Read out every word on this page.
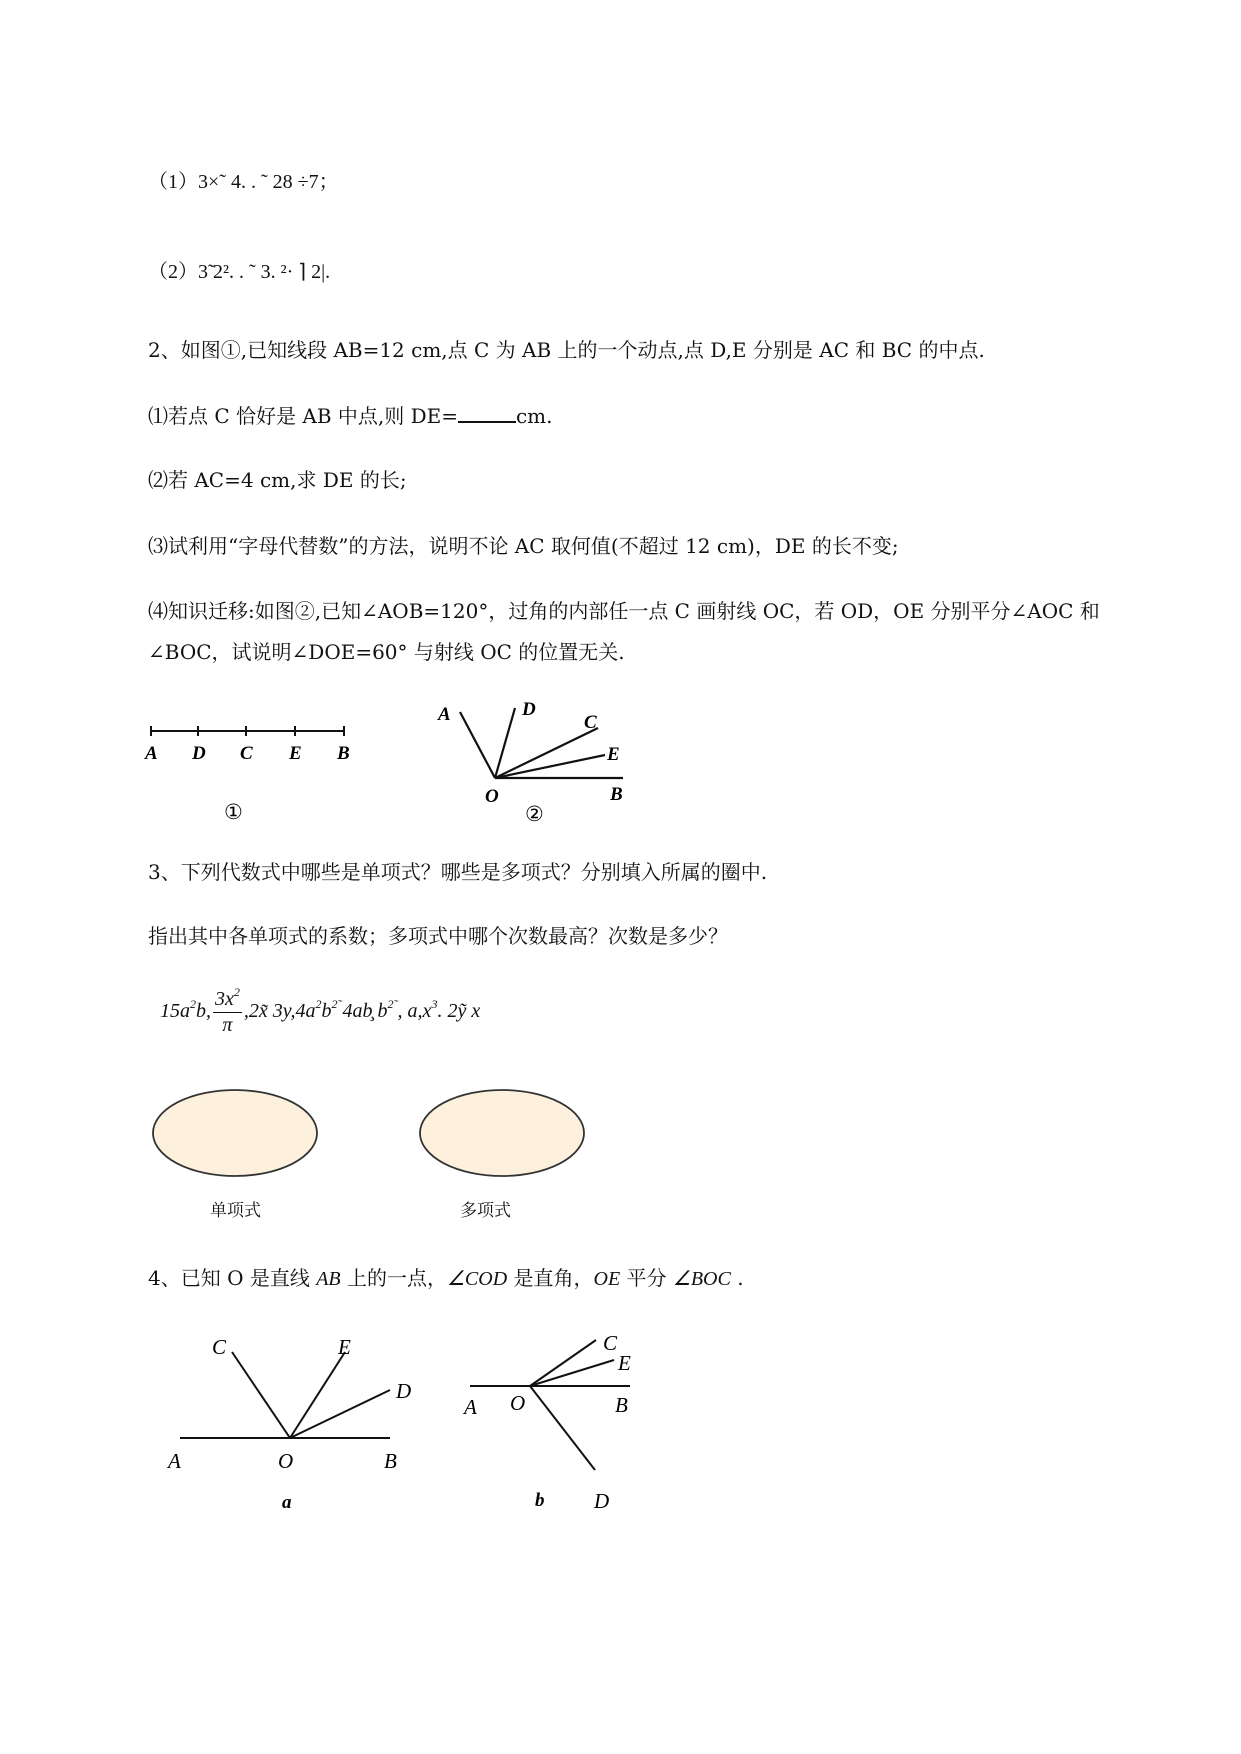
（1）3×˜ 4. . ˜ 28 ÷7；
（2）3̃ 2². . ˜ 3. ²· ⌉ 2|.
2、如图①,已知线段 AB=12 cm,点 C 为 AB 上的一个动点,点 D,E 分别是 AC 和 BC 的中点.
⑴若点 C 恰好是 AB 中点,则 DE=	cm.
⑵若 AC=4 cm,求 DE 的长;
⑶试利用“字母代替数”的方法，说明不论 AC 取何值(不超过 12 cm)，DE 的长不变;
⑷知识迁移:如图②,已知∠AOB=120°，过角的内部任一点 C 画射线 OC，若 OD，OE 分别平分∠AOC 和
∠BOC，试说明∠DOE=60° 与射线 OC 的位置无关.
A D C E B
①
A	D
C
E
O	B
②
3、下列代数式中哪些是单项式？哪些是多项式？分别填入所属的圈中.
指出其中各单项式的系数；多项式中哪个次数最高？次数是多少？
$15a^2b$, $\frac{3x^2}{\pi}$ ,2x̃ $3y,4a^2b^{2̃}$ 4ab̧ $b^{2˜}$, $a,x^3$. 2ỹ x
单项式	多项式
4、已知 O 是直线 AB 上的一点，∠COD 是直角，OE 平分 ∠BOC .
C	E
D
A	O	B
a
C
E
A O	B
D
b
